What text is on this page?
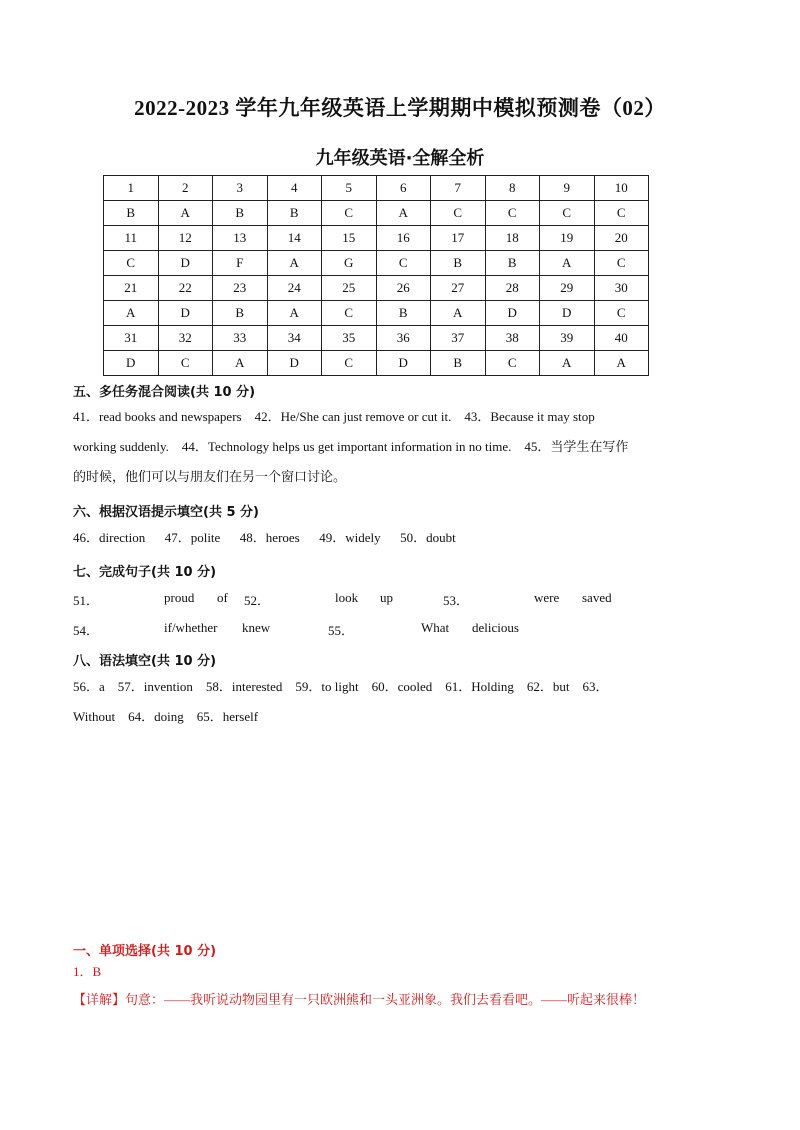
2022-2023 学年九年级英语上学期期中模拟预测卷（02）
九年级英语·全解全析
1	2	3	4	5	6	7	8	9	10
B	A	B	B	C	A	C	C	C	C
11	12	13	14	15	16	17	18	19	20
C	D	F	A	G	C	B	B	A	C
21	22	23	24	25	26	27	28	29	30
A	D	B	A	C	B	A	D	D	C
31	32	33	34	35	36	37	38	39	40
D	C	A	D	C	D	B	C	A	A
五、多任务混合阅读(共 10 分)
41．read books and newspapers    42．He/She can just remove or cut it.    43．Because it may stop
working suddenly.    44．Technology helps us get important information in no time.    45．当学生在写作
的时候，他们可以与朋友们在另一个窗口讨论。
六、根据汉语提示填空(共 5 分)
46．direction      47．polite      48．heroes      49．widely      50．doubt
七、完成句子(共 10 分)
51．	proud of 52．	look up	53．	were saved
54．	if/whether knew	55．	What delicious
八、语法填空(共 10 分)
56．a    57．invention    58．interested    59．to light    60．cooled    61．Holding    62．but    63．
Without    64．doing    65．herself
一、单项选择(共 10 分)
1．B
【详解】句意：——我听说动物园里有一只欧洲熊和一头亚洲象。我们去看看吧。——听起来很棒！
